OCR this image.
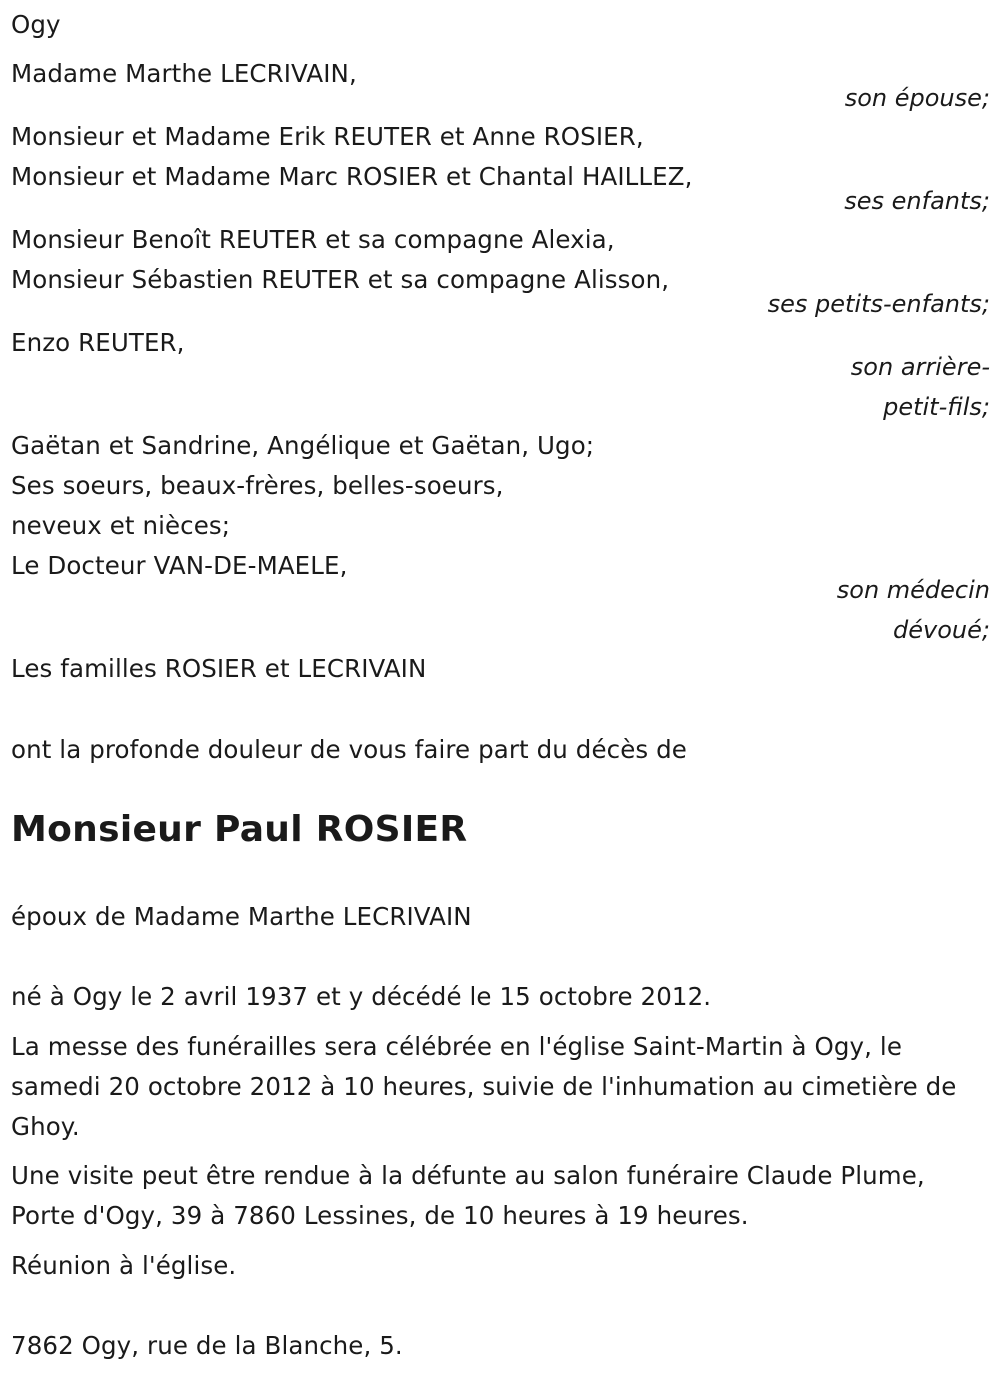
Ogy
Madame Marthe LECRIVAIN,
son épouse;
Monsieur et Madame Erik REUTER et Anne ROSIER,
Monsieur et Madame Marc ROSIER et Chantal HAILLEZ,
ses enfants;
Monsieur Benoît REUTER et sa compagne Alexia,
Monsieur Sébastien REUTER et sa compagne Alisson,
ses petits-enfants;
Enzo REUTER,
son arrière-
petit-fils;
Gaëtan et Sandrine, Angélique et Gaëtan, Ugo;
Ses soeurs, beaux-frères, belles-soeurs,
neveux et nièces;
Le Docteur VAN-DE-MAELE,
son médecin
dévoué;
Les familles ROSIER et LECRIVAIN
ont la profonde douleur de vous faire part du décès de
Monsieur Paul ROSIER
époux de Madame Marthe LECRIVAIN
né à Ogy le 2 avril 1937 et y décédé le 15 octobre 2012.
La messe des funérailles sera célébrée en l'église Saint-Martin à Ogy, le samedi 20 octobre 2012 à 10 heures, suivie de l'inhumation au cimetière de Ghoy.
Une visite peut être rendue à la défunte au salon funéraire Claude Plume, Porte d'Ogy, 39 à 7860 Lessines, de 10 heures à 19 heures.
Réunion à l'église.
7862 Ogy, rue de la Blanche, 5.
